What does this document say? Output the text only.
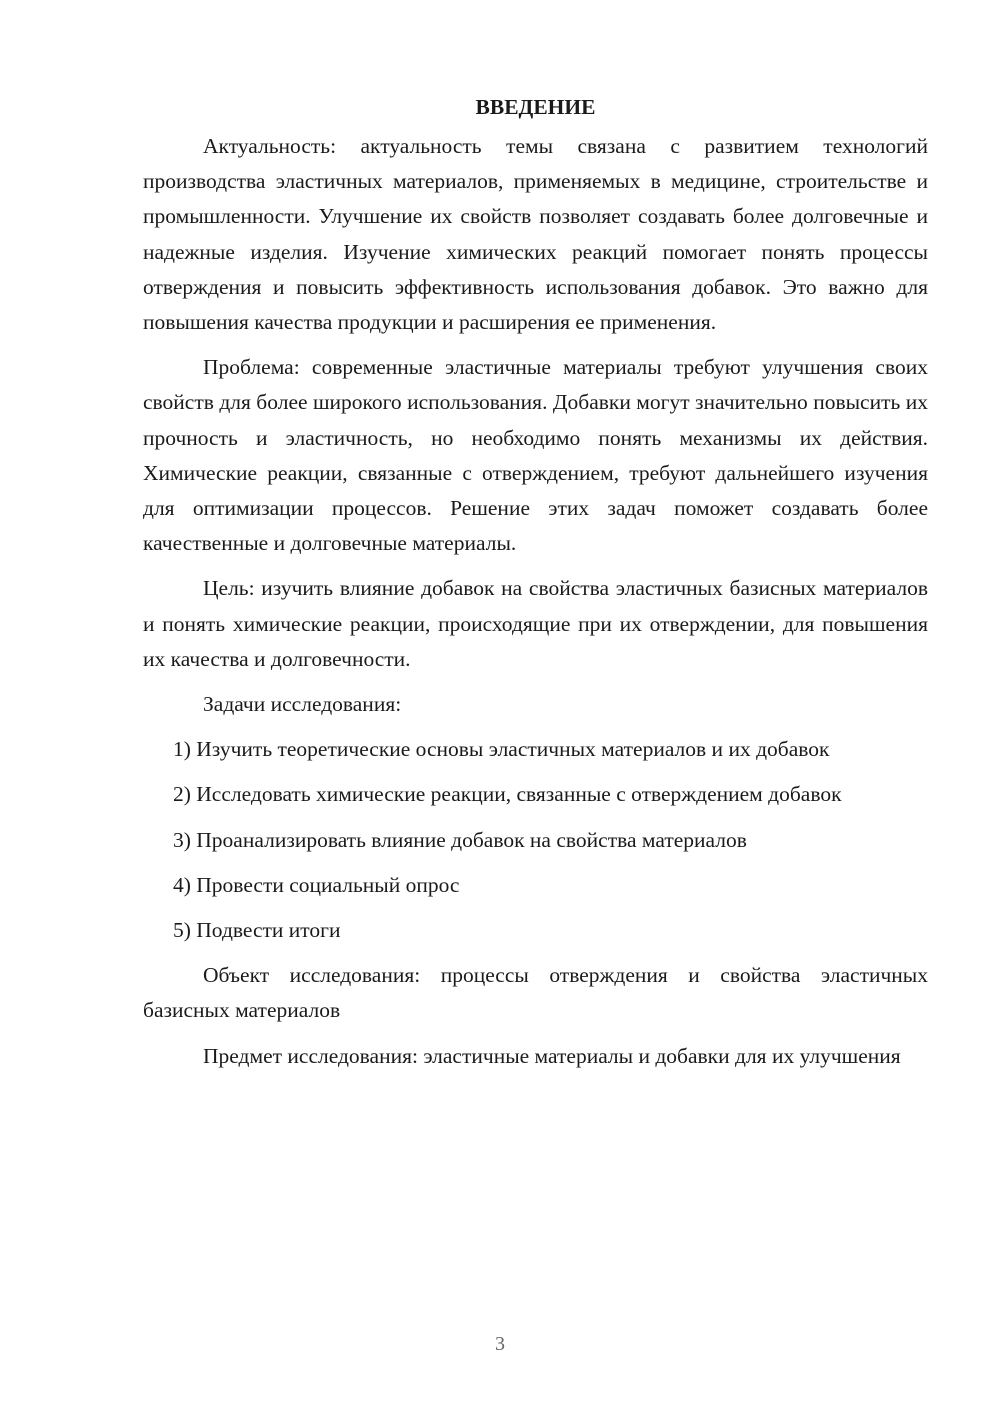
ВВЕДЕНИЕ

Актуальность: актуальность темы связана с развитием технологий производства эластичных материалов, применяемых в медицине, строительстве и промышленности. Улучшение их свойств позволяет создавать более долговечные и надежные изделия. Изучение химических реакций помогает понять процессы отверждения и повысить эффективность использования добавок. Это важно для повышения качества продукции и расширения ее применения.

Проблема: современные эластичные материалы требуют улучшения своих свойств для более широкого использования. Добавки могут значительно повысить их прочность и эластичность, но необходимо понять механизмы их действия. Химические реакции, связанные с отверждением, требуют дальнейшего изучения для оптимизации процессов. Решение этих задач поможет создавать более качественные и долговечные материалы.

Цель: изучить влияние добавок на свойства эластичных базисных материалов и понять химические реакции, происходящие при их отверждении, для повышения их качества и долговечности.

Задачи исследования:

1) Изучить теоретические основы эластичных материалов и их добавок

2) Исследовать химические реакции, связанные с отверждением добавок

3) Проанализировать влияние добавок на свойства материалов

4) Провести социальный опрос

5) Подвести итоги

Объект исследования: процессы отверждения и свойства эластичных базисных материалов

Предмет исследования: эластичные материалы и добавки для их улучшения

3
